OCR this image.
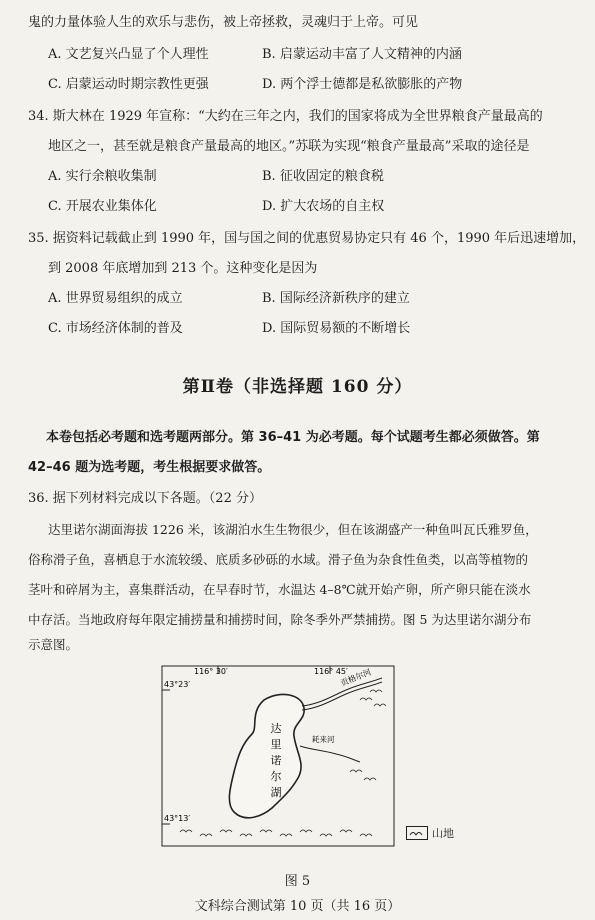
鬼的力量体验人生的欢乐与悲伤，被上帝拯救，灵魂归于上帝。可见
A. 文艺复兴凸显了个人理性	B. 启蒙运动丰富了人文精神的内涵
C. 启蒙运动时期宗教性更强	D. 两个浮士德都是私欲膨胀的产物
34. 斯大林在 1929 年宣称：“大约在三年之内，我们的国家将成为全世界粮食产量最高的
地区之一，甚至就是粮食产量最高的地区。”苏联为实现“粮食产量最高”采取的途径是
A. 实行余粮收集制	B. 征收固定的粮食税
C. 开展农业集体化	D. 扩大农场的自主权
35. 据资料记载截止到 1990 年，国与国之间的优惠贸易协定只有 46 个，1990 年后迅速增加，
到 2008 年底增加到 213 个。这种变化是因为
A. 世界贸易组织的成立	B. 国际经济新秩序的建立
C. 市场经济体制的普及	D. 国际贸易额的不断增长
第Ⅱ卷（非选择题 160 分）
本卷包括必考题和选考题两部分。第 36–41 为必考题。每个试题考生都必须做答。第
42–46 题为选考题，考生根据要求做答。
36. 据下列材料完成以下各题。（22 分）
达里诺尔湖面海拔 1226 米，该湖泊水生生物很少，但在该湖盛产一种鱼叫瓦氏雅罗鱼，
俗称滑子鱼，喜栖息于水流较缓、底质多砂砾的水域。滑子鱼为杂食性鱼类，以高等植物的
茎叶和碎屑为主，喜集群活动，在早春时节，水温达 4–8℃就开始产卵，所产卵只能在淡水
中存活。当地政府每年限定捕捞量和捕捞时间，除冬季外严禁捕捞。图 5 为达里诺尔湖分布
示意图。
116° 30′	116° 45′
43°23′
43°13′
达
里
诺
尔
湖
贡格尔河
耗来河
山地
图 5
文科综合测试第 10 页（共 16 页）
